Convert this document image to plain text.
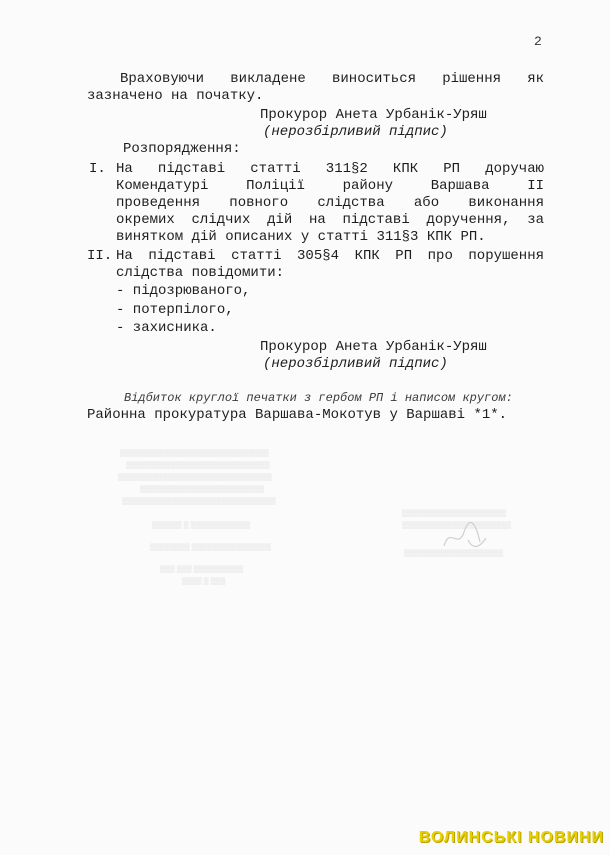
2
Враховуючи викладене виноситься рішення як
зазначено на початку.
Прокурор Анета Урбанік-Уряш
(нерозбірливий підпис)
Розпорядження:
I. На підставі статті 311§2 КПК РП доручаю
Комендатурі Поліції району Варшава II
проведення повного слідства або виконання
окремих слідчих дій на підставі доручення, за
винятком дій описаних у статті 311§3 КПК РП.
II. На підставі статті 305§4 КПК РП про порушення
слідства повідомити:
- підозрюваного,
- потерпілого,
- захисника.
Прокурор Анета Урбанік-Уряш
(нерозбірливий підпис)
Відбиток круглої печатки з гербом РП і написом кругом:
Районна прокуратура Варшава-Мокотув у Варшаві *1*.
▒▒▒▒▒▒▒▒▒▒▒▒▒▒▒▒▒▒▒▒▒▒▒▒▒▒▒▒▒▒
▒▒▒▒▒▒▒▒▒▒▒▒▒▒▒▒▒▒▒▒▒▒▒▒▒▒▒▒▒
▒▒▒▒▒▒▒▒▒▒▒▒▒▒▒▒▒▒▒▒▒▒▒▒▒▒▒▒▒▒▒
▒▒▒▒▒▒▒▒▒▒▒▒▒▒▒▒▒▒▒▒▒▒▒▒▒
▒▒▒▒▒▒▒▒▒▒▒▒▒▒▒▒▒▒▒▒▒▒▒▒▒▒▒▒▒▒▒
▒▒▒▒▒▒ ▒ ▒▒▒▒▒▒▒▒▒▒▒▒
▒▒▒▒▒▒▒▒ ▒▒▒▒▒▒▒▒▒▒▒▒▒▒▒▒
▒▒▒ ▒▒▒ ▒▒▒▒▒▒▒▒▒▒
▒▒▒▒ ▒ ▒▒▒
▒▒▒▒▒▒▒▒▒▒▒▒▒▒▒▒▒▒▒▒▒
▒▒▒▒▒▒▒▒▒▒▒▒▒▒▒▒▒▒▒▒▒▒
▒▒▒▒▒▒▒▒▒▒▒▒▒▒▒▒▒▒▒▒
ВОЛИНСЬКІ НОВИНИ
